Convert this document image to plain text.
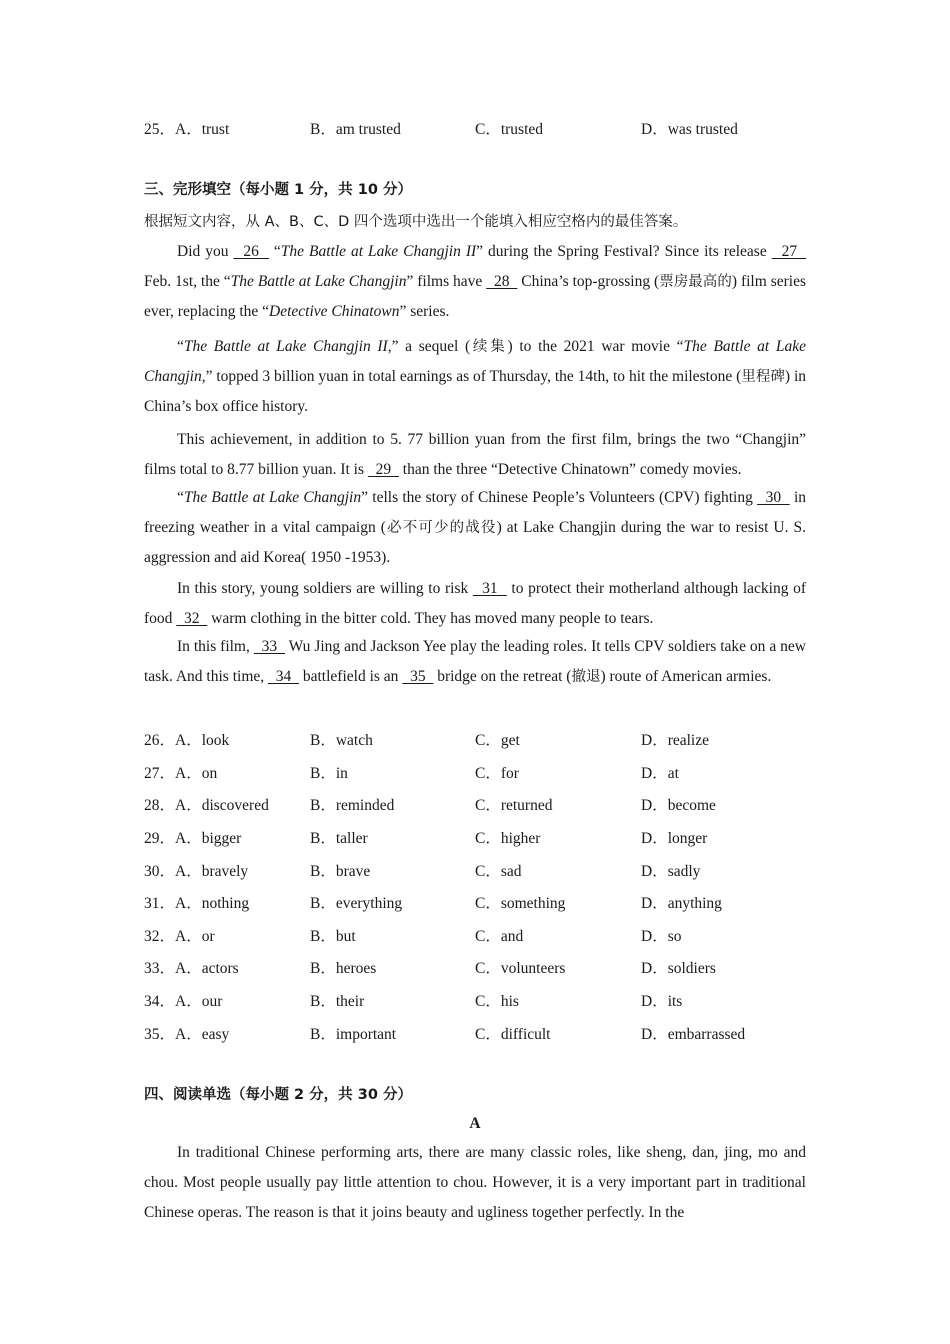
25．A．trust	B．am trusted	C．trusted	D．was trusted
三、完形填空（每小题 1 分，共 10 分）
根据短文内容，从 A、B、C、D 四个选项中选出一个能填入相应空格内的最佳答案。
Did you   26   “The Battle at Lake Changjin II” during the Spring Festival? Since its release   27   Feb. 1st, the “The Battle at Lake Changjin” films have   28   China’s top-grossing (票房最高的) film series ever, replacing the “Detective Chinatown” series.
“The Battle at Lake Changjin II,” a sequel (续集) to the 2021 war movie “The Battle at Lake Changjin,” topped 3 billion yuan in total earnings as of Thursday, the 14th, to hit the milestone (里程碑) in China’s box office history.
This achievement, in addition to 5. 77 billion yuan from the first film, brings the two “Changjin” films total to 8.77 billion yuan. It is   29   than the three “Detective Chinatown” comedy movies.
“The Battle at Lake Changjin” tells the story of Chinese People’s Volunteers (CPV) fighting   30   in freezing weather in a vital campaign (必不可少的战役) at Lake Changjin during the war to resist U. S. aggression and aid Korea( 1950 -1953).
In this story, young soldiers are willing to risk   31   to protect their motherland although lacking of food   32   warm clothing in the bitter cold. They has moved many people to tears.
In this film,   33   Wu Jing and Jackson Yee play the leading roles. It tells CPV soldiers take on a new task. And this time,   34   battlefield is an   35   bridge on the retreat (撤退) route of American armies.
26．A．look	B．watch	C．get	D．realize
27．A．on	B．in	C．for	D．at
28．A．discovered	B．reminded	C．returned	D．become
29．A．bigger	B．taller	C．higher	D．longer
30．A．bravely	B．brave	C．sad	D．sadly
31．A．nothing	B．everything	C．something	D．anything
32．A．or	B．but	C．and	D．so
33．A．actors	B．heroes	C．volunteers	D．soldiers
34．A．our	B．their	C．his	D．its
35．A．easy	B．important	C．difficult	D．embarrassed
四、阅读单选（每小题 2 分，共 30 分）
A
In traditional Chinese performing arts, there are many classic roles, like sheng, dan, jing, mo and chou. Most people usually pay little attention to chou. However, it is a very important part in traditional Chinese operas. The reason is that it joins beauty and ugliness together perfectly. In the
